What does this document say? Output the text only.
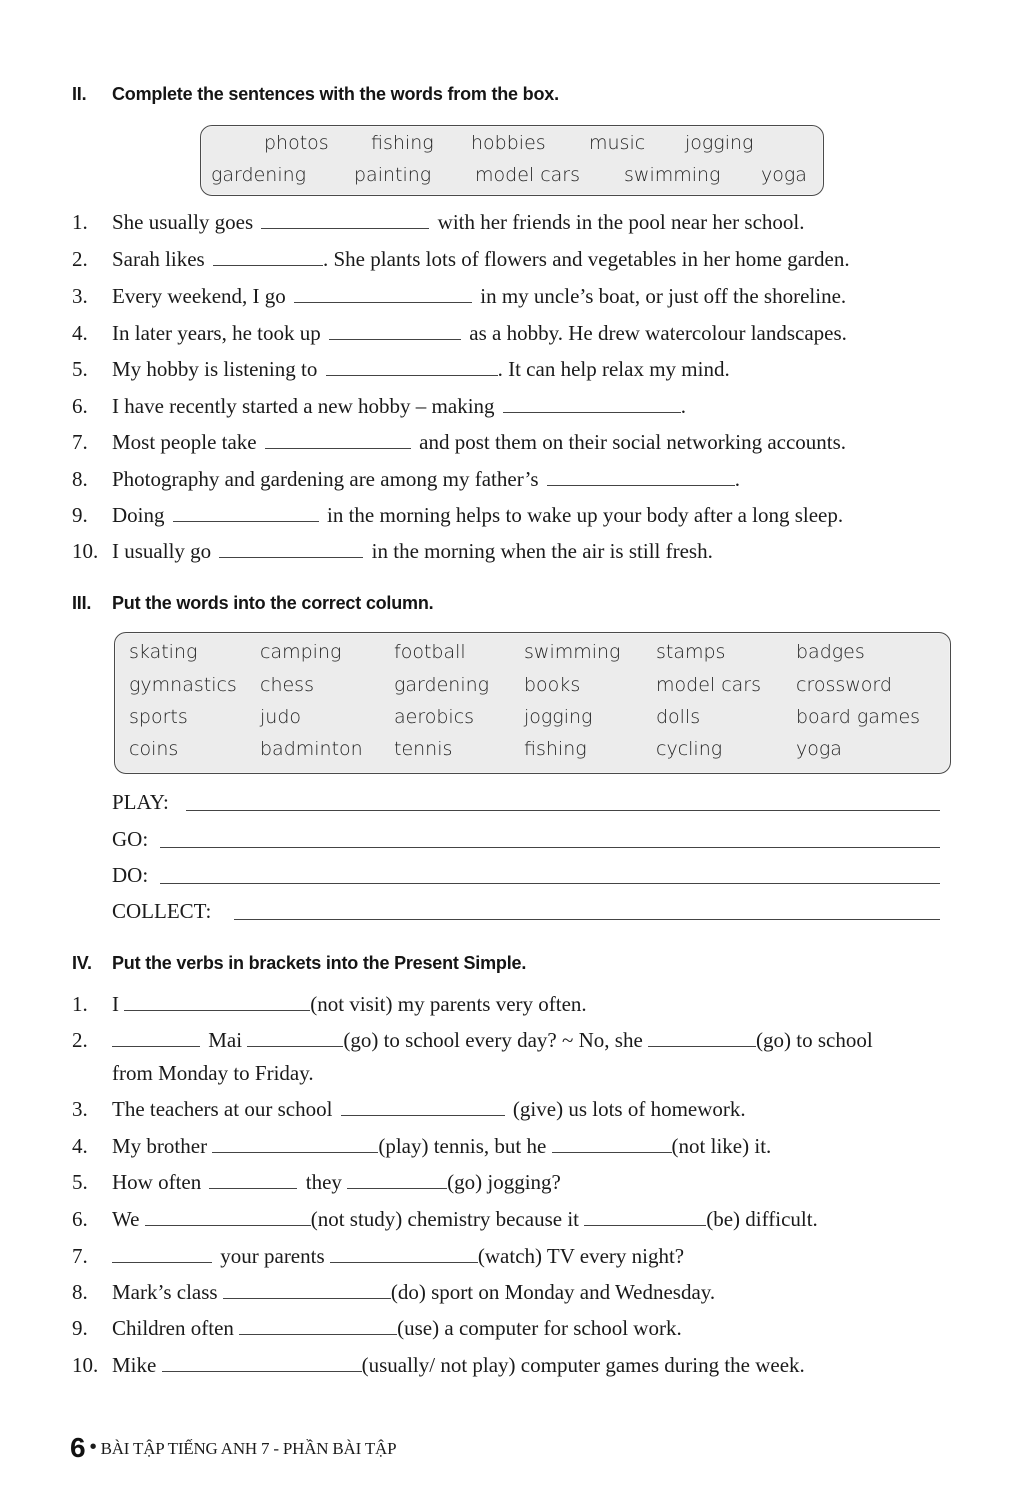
II. Complete the sentences with the words from the box.
photos fishing hobbies music jogging
gardening	painting model cars swimming yoga
1. She usually goes	with her friends in the pool near her school.
2. Sarah likes	. She plants lots of flowers and vegetables in her home garden.
3. Every weekend, I go	in my uncle’s boat, or just off the shoreline.
4. In later years, he took up	as a hobby. He drew watercolour landscapes.
5. My hobby is listening to	. It can help relax my mind.
6. I have recently started a new hobby – making	.
7. Most people take	and post them on their social networking accounts.
8. Photography and gardening are among my father’s	.
9. Doing	in the morning helps to wake up your body after a long sleep.
10. I usually go	in the morning when the air is still fresh.
III. Put the words into the correct column.
skating
gymnastics
sports
coins
camping
chess
judo
badminton
football
gardening
aerobics
tennis
swimming
books
jogging
fishing
stamps
model cars
dolls
cycling
badges
crossword
board games
yoga
PLAY:
GO:
DO:
COLLECT:
IV. Put the verbs in brackets into the Present Simple.
1. I	(not visit) my parents very often.
2.	Mai	(go) to school every day? ~ No, she	(go) to school
from Monday to Friday.
3. The teachers at our school	(give) us lots of homework.
4. My brother	(play) tennis, but he	(not like) it.
5. How often	they	(go) jogging?
6. We	(not study) chemistry because it	(be) difficult.
7.	your parents	(watch) TV every night?
8. Mark’s class	(do) sport on Monday and Wednesday.
9. Children often	(use) a computer for school work.
10. Mike	(usually/ not play) computer games during the week.
6 • BÀI TẬP TIẾNG ANH 7 - PHẦN BÀI TẬP
